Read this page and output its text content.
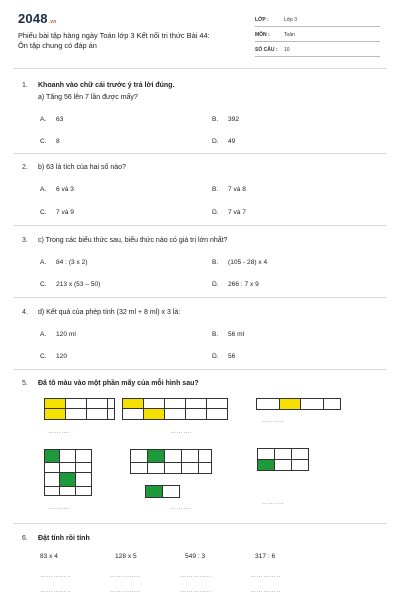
2048.vn
Phiếu bài tập hàng ngày Toán lớp 3 Kết nối tri thức Bài 44:
Ôn tập chung có đáp án
LỚP :	Lớp 3
MÔN :	Toán
SỐ CÂU : 10
1. Khoanh vào chữ cái trước ý trả lời đúng.
a) Tăng 56 lên 7 lần được mấy?
A. 63	B. 392
C. 8	D. 49
2. b) 63 là tích của hai số nào?
A. 6 và 3	B. 7 và 8
C. 7 và 9	D. 7 và 7
3. c) Trong các biểu thức sau, biểu thức nào có giá trị lớn nhất?
A. 84 : (3 x 2)	B. (105 - 28) x 4
C. 213 x (53 – 50)	D. 266 : 7 x 9
4. d) Kết quả của phép tính (32 ml + 8 ml) x 3 là:
A. 120 ml	B. 56 ml
C. 120	D. 56
5. Đã tô màu vào một phần mấy của mỗi hình sau?
……….	……….
……….
……….	……….
……….
6. Đặt tính rồi tính
83 x 4	128 x 5	549 : 3	317 : 6
…………..	…………..	…………..	…………..
…………..	…………..	…………..	…………..
